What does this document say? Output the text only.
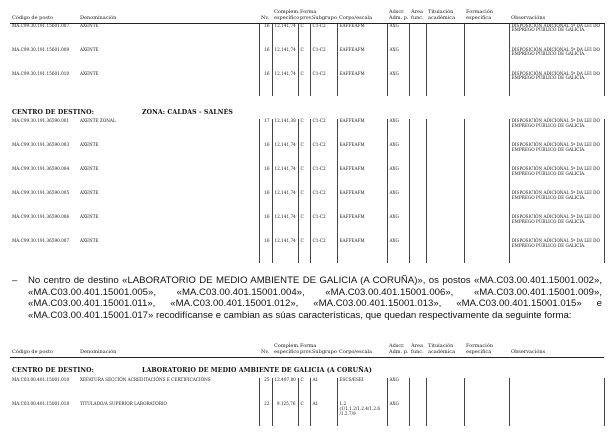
Código de posto	Denominación	Nv.	Complem.
específico	Forma
prov.	Subgrupo	Corpo/escala	Adscr.
Adm. p.	Área
func.	Titulación académica	Formación específica	Observacións
MA.C99.30.191.15601.007	AXENTE	16	12.141,74	C	C1-C2	EAFFEAFM	AXG				DISPOSICIÓN ADICIONAL 5ª DA LEI DO EMPREGO PÚBLICO DE GALICIA.
MA.C99.30.191.15601.009	AXENTE	16	12.141,74	C	C1-C2	EAFFEAFM	AXG				DISPOSICIÓN ADICIONAL 5ª DA LEI DO EMPREGO PÚBLICO DE GALICIA.
MA.C99.30.191.15601.010	AXENTE	16	12.141,74	C	C1-C2	EAFFEAFM	AXG				DISPOSICIÓN ADICIONAL 5ª DA LEI DO EMPREGO PÚBLICO DE GALICIA.
CENTRO DE DESTINO:	ZONA: CALDAS - SALNÉS
MA.C99.30.191.36590.001	AXENTE ZONAL	17	12.141,38	C	C1-C2	EAFFEAFM	AXG				DISPOSICIÓN ADICIONAL 5ª DA LEI DO EMPREGO PÚBLICO DE GALICIA.
MA.C99.30.191.36590.003	AXENTE	16	12.141,74	C	C1-C2	EAFFEAFM	AXG				DISPOSICIÓN ADICIONAL 5ª DA LEI DO EMPREGO PÚBLICO DE GALICIA.
MA.C99.30.191.36590.004	AXENTE	16	12.141,74	C	C1-C2	EAFFEAFM	AXG				DISPOSICIÓN ADICIONAL 5ª DA LEI DO EMPREGO PÚBLICO DE GALICIA.
MA.C99.30.191.36590.005	AXENTE	16	12.141,74	C	C1-C2	EAFFEAFM	AXG				DISPOSICIÓN ADICIONAL 5ª DA LEI DO EMPREGO PÚBLICO DE GALICIA.
MA.C99.30.191.36590.006	AXENTE	16	12.141,74	C	C1-C2	EAFFEAFM	AXG				DISPOSICIÓN ADICIONAL 5ª DA LEI DO EMPREGO PÚBLICO DE GALICIA.
MA.C99.30.191.36590.007	AXENTE	16	12.141,74	C	C1-C2	EAFFEAFM	AXG				DISPOSICIÓN ADICIONAL 5ª DA LEI DO EMPREGO PÚBLICO DE GALICIA.
– No centro de destino «LABORATORIO DE MEDIO AMBIENTE DE GALICIA (A CORUÑA)», os postos «MA.C03.00.401.15001.002», «MA.C03.00.401.15001.005», «MA.C03.00.401.15001.004», «MA.C03.00.401.15001.006», «MA.C03.00.401.15001.009», «MA.C03.00.401.15001.011», «MA.C03.00.401.15001.012», «MA.C03.00.401.15001.013», «MA.C03.00.401.15001.015» e «MA.C03.00.401.15001.017» recodifícanse e cambian as súas características, que quedan respectivamente da seguinte forma:
Código de posto	Denominación	Nv.	Complem.
específico	Forma
prov.	Subgrupo	Corpo/escala	Adscr.
Adm. p.	Área
func.	Titulación académica	Formación específica	Observacións
CENTRO DE DESTINO:	LABORATORIO DE MEDIO AMBIENTE DE GALICIA (A CORUÑA)
MA.C03.00.401.15001.010	XEFATURA SECCIÓN ACREDITACIÓNS E CERTIFICACIÓNS	25	12.497,80	C	A1	ESCS/ESEI	AXG				
MA.C03.00.401.15001.018	TITULADO/A SUPERIOR LABORATORIO	22	9.125,76	C	A1	1.2 (1/1,1.2/1.2.4/1.2.6 /1.2.7/9	AXG				
